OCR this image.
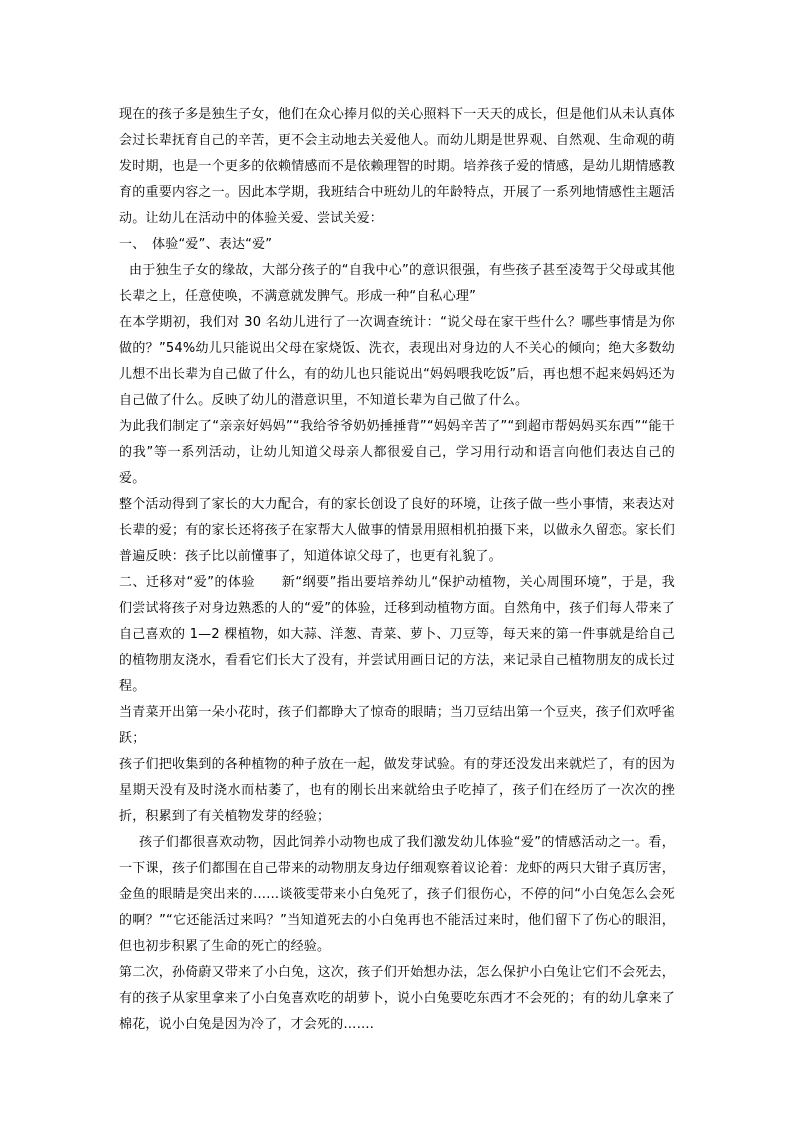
现在的孩子多是独生子女，他们在众心捧月似的关心照料下一天天的成长，但是他们从未认真体会过长辈抚育自己的辛苦，更不会主动地去关爱他人。而幼儿期是世界观、自然观、生命观的萌发时期，也是一个更多的依赖情感而不是依赖理智的时期。培养孩子爱的情感，是幼儿期情感教育的重要内容之一。因此本学期，我班结合中班幼儿的年龄特点，开展了一系列地情感性主题活动。让幼儿在活动中的体验关爱、尝试关爱：

一、　体验“爱”、表达“爱”

由于独生子女的缘故，大部分孩子的“自我中心”的意识很强，有些孩子甚至凌驾于父母或其他长辈之上，任意使唤，不满意就发脾气。形成一种“自私心理”

在本学期初，我们对 30 名幼儿进行了一次调查统计：“说父母在家干些什么？哪些事情是为你做的？”54%幼儿只能说出父母在家烧饭、洗衣，表现出对身边的人不关心的倾向；绝大多数幼儿想不出长辈为自己做了什么，有的幼儿也只能说出“妈妈喂我吃饭”后，再也想不起来妈妈还为自己做了什么。反映了幼儿的潜意识里，不知道长辈为自己做了什么。

为此我们制定了“亲亲好妈妈”“我给爷爷奶奶捶捶背”“妈妈辛苦了”“到超市帮妈妈买东西”“能干的我”等一系列活动，让幼儿知道父母亲人都很爱自己，学习用行动和语言向他们表达自己的爱。

整个活动得到了家长的大力配合，有的家长创设了良好的环境，让孩子做一些小事情，来表达对长辈的爱；有的家长还将孩子在家帮大人做事的情景用照相机拍摄下来，以做永久留恋。家长们普遍反映：孩子比以前懂事了，知道体谅父母了，也更有礼貌了。

二、迁移对“爱”的体验　　新“纲要”指出要培养幼儿“保护动植物，关心周围环境”，于是，我们尝试将孩子对身边熟悉的人的“爱”的体验，迁移到动植物方面。自然角中，孩子们每人带来了自己喜欢的 1—2 棵植物，如大蒜、洋葱、青菜、萝卜、刀豆等，每天来的第一件事就是给自己的植物朋友浇水，看看它们长大了没有，并尝试用画日记的方法，来记录自己植物朋友的成长过程。

当青菜开出第一朵小花时，孩子们都睁大了惊奇的眼睛；当刀豆结出第一个豆夹，孩子们欢呼雀跃；

孩子们把收集到的各种植物的种子放在一起，做发芽试验。有的芽还没发出来就烂了，有的因为星期天没有及时浇水而枯萎了，也有的刚长出来就给虫子吃掉了，孩子们在经历了一次次的挫折，积累到了有关植物发芽的经验；

孩子们都很喜欢动物，因此饲养小动物也成了我们激发幼儿体验“爱”的情感活动之一。看，一下课，孩子们都围在自己带来的动物朋友身边仔细观察着议论着：龙虾的两只大钳子真厉害，金鱼的眼睛是突出来的……谈筱雯带来小白兔死了，孩子们很伤心，不停的问“小白兔怎么会死的啊？”“它还能活过来吗？”当知道死去的小白兔再也不能活过来时，他们留下了伤心的眼泪，但也初步积累了生命的死亡的经验。

第二次，孙倚蔚又带来了小白兔，这次，孩子们开始想办法，怎么保护小白兔让它们不会死去，有的孩子从家里拿来了小白兔喜欢吃的胡萝卜，说小白兔要吃东西才不会死的；有的幼儿拿来了棉花，说小白兔是因为冷了，才会死的…….
